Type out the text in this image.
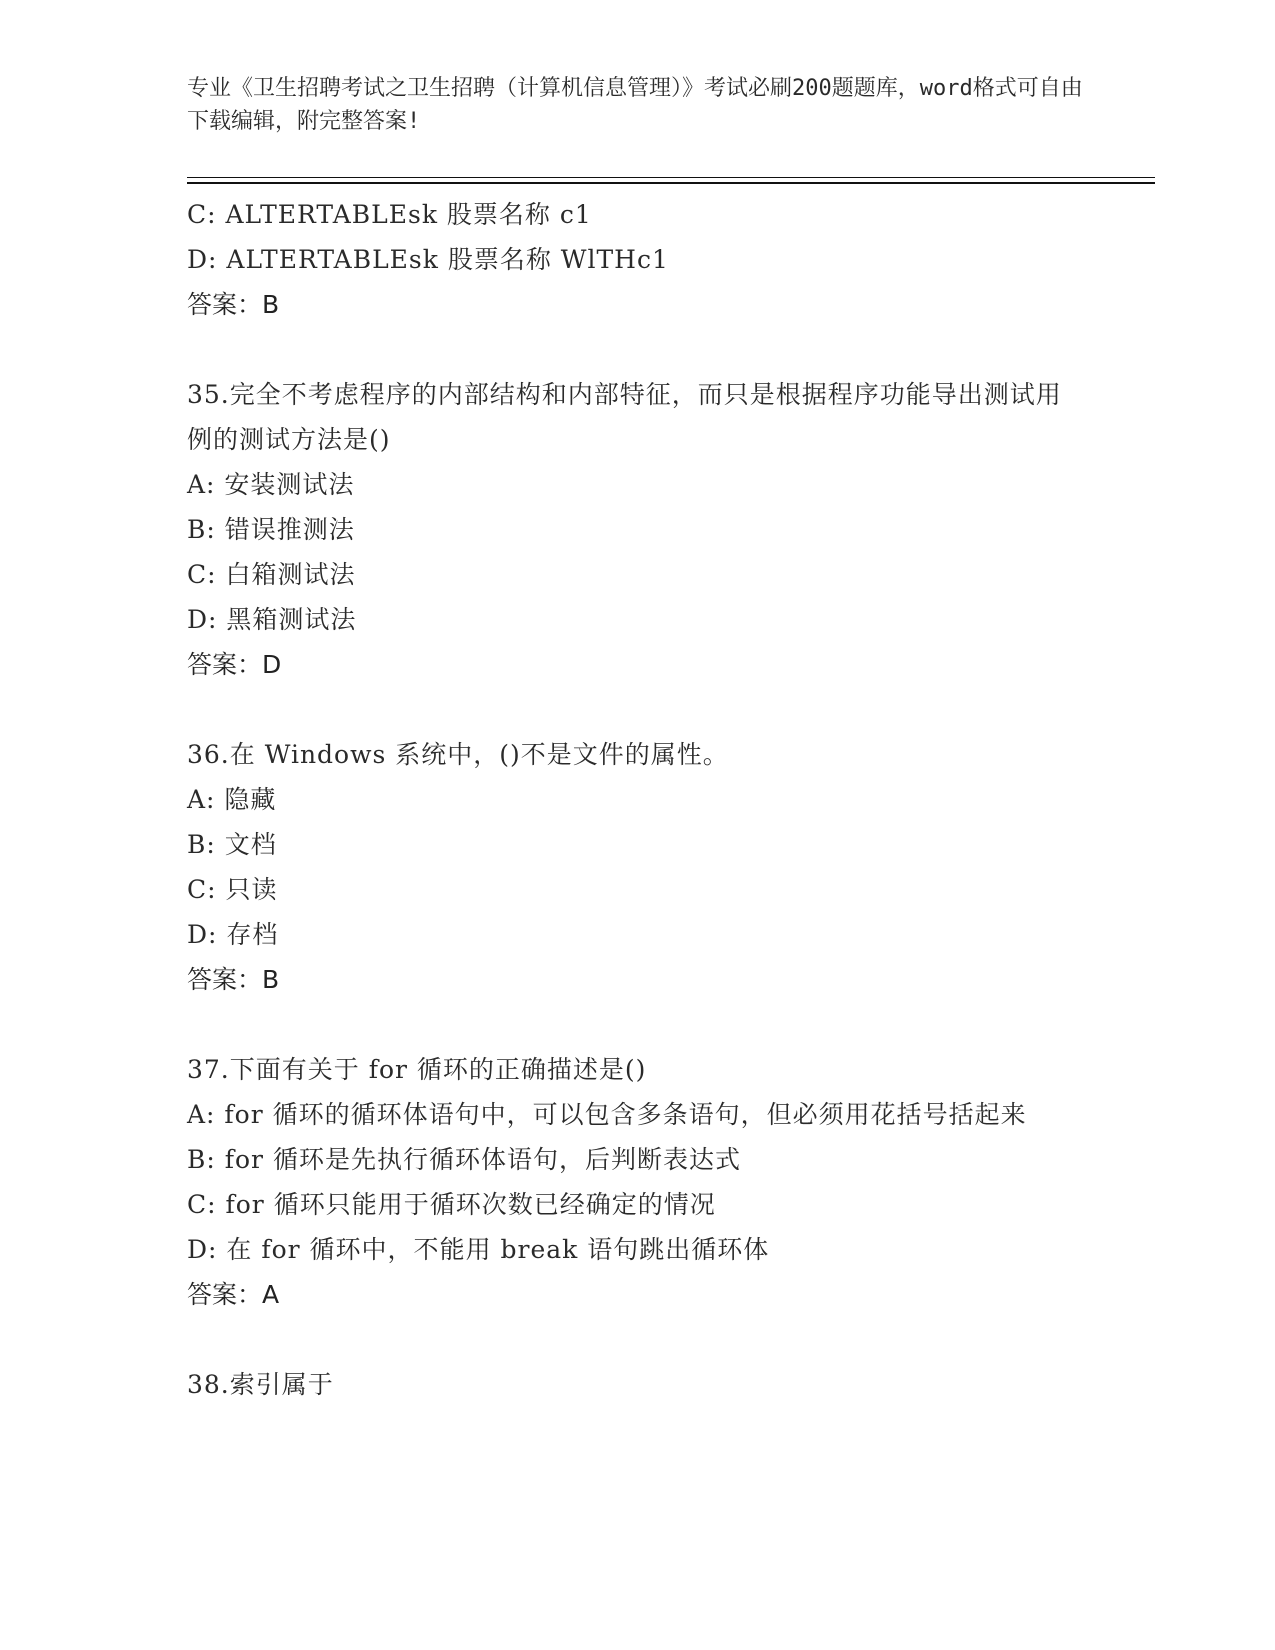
专业《卫生招聘考试之卫生招聘（计算机信息管理）》考试必刷200题题库，word格式可自由下载编辑，附完整答案!
C: ALTERTABLEsk 股票名称 c1
D: ALTERTABLEsk 股票名称 WlTHc1
答案：B
35.完全不考虑程序的内部结构和内部特征，而只是根据程序功能导出测试用例的测试方法是()
A: 安装测试法
B: 错误推测法
C: 白箱测试法
D: 黑箱测试法
答案：D
36.在 Windows 系统中，()不是文件的属性。
A: 隐藏
B: 文档
C: 只读
D: 存档
答案：B
37.下面有关于 for 循环的正确描述是()
A: for 循环的循环体语句中，可以包含多条语句，但必须用花括号括起来
B: for 循环是先执行循环体语句，后判断表达式
C: for 循环只能用于循环次数已经确定的情况
D: 在 for 循环中，不能用 break 语句跳出循环体
答案：A
38.索引属于
